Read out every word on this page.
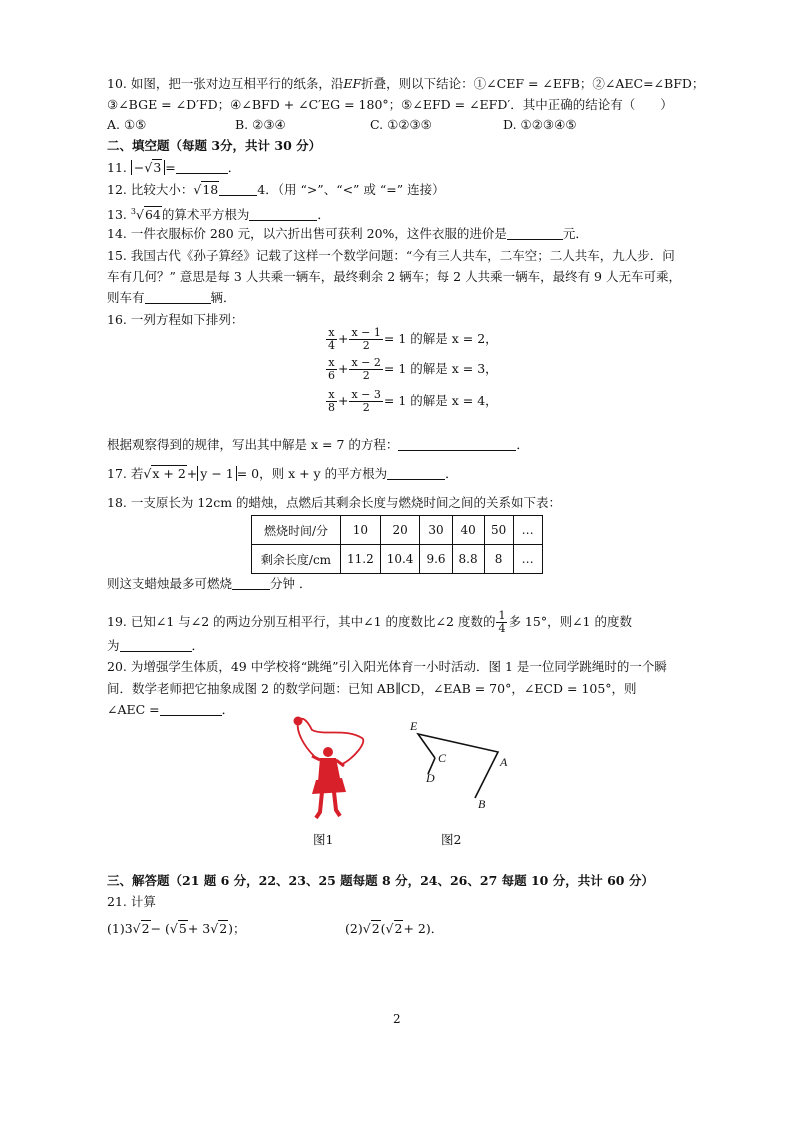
10. 如图，把一张对边互相平行的纸条，沿EF折叠，则以下结论：①∠CEF = ∠EFB；②∠AEC=∠BFD；
③∠BGE = ∠D′FD；④∠BFD + ∠C′EG = 180°；⑤∠EFD = ∠EFD′．其中正确的结论有（　　）
A. ①⑤	B. ②③④	C. ①②③⑤	D. ①②③④⑤
二、填空题（每题 3分，共计 30 分）
11. −√3 =	．
12. 比较大小：√18	4．（用 “>”、“<” 或 “=” 连接）
13. $^3$√64的算术平方根为	．
14. 一件衣服标价 280 元，以六折出售可获利 20%，这件衣服的进价是	元．
15. 我国古代《孙子算经》记载了这样一个数学问题：“今有三人共车，二车空；二人共车，九人步．问
车有几何？” 意思是每 3 人共乘一辆车，最终剩余 2 辆车；每 2 人共乘一辆车，最终有 9 人无车可乘，
则车有	辆．
16. 一列方程如下排列：
$\frac{x}{4} + \frac{x - 1}{2} = 1$ 的解是 x = 2，
$\frac{x}{6} + \frac{x - 2}{2} = 1$ 的解是 x = 3，
$\frac{x}{8} + \frac{x - 3}{2} = 1$ 的解是 x = 4，
根据观察得到的规律，写出其中解是 x = 7 的方程：	．
17. 若√x + 2+ y − 1 = 0，则 x + y 的平方根为	．
18. 一支原长为 12cm 的蜡烛，点燃后其剩余长度与燃烧时间之间的关系如下表：
燃烧时间/分	10	20	30	40	50	…
剩余长度/cm	11.2	10.4	9.6	8.8	8	…
则这支蜡烛最多可燃烧	分钟 ．
19. 已知∠1 与∠2 的两边分别互相平行，其中∠1 的度数比∠2 度数的 $\frac{1}{4}$ 多 15°，则∠1 的度数
为	．
20. 为增强学生体质，49 中学校将“跳绳”引入阳光体育一小时活动．图 1 是一位同学跳绳时的一个瞬
间．数学老师把它抽象成图 2 的数学问题：已知 AB∥CD，∠EAB = 70°，∠ECD = 105°，则
∠AEC =	．
图1
E
C
D
A
B
图2
三、解答题（21 题 6 分，22、23、25 题每题 8 分，24、26、27 每题 10 分，共计 60 分）
21. 计算
(1)3√2− (√5+ 3√2)；	(2)√2(√2+ 2)．
2
